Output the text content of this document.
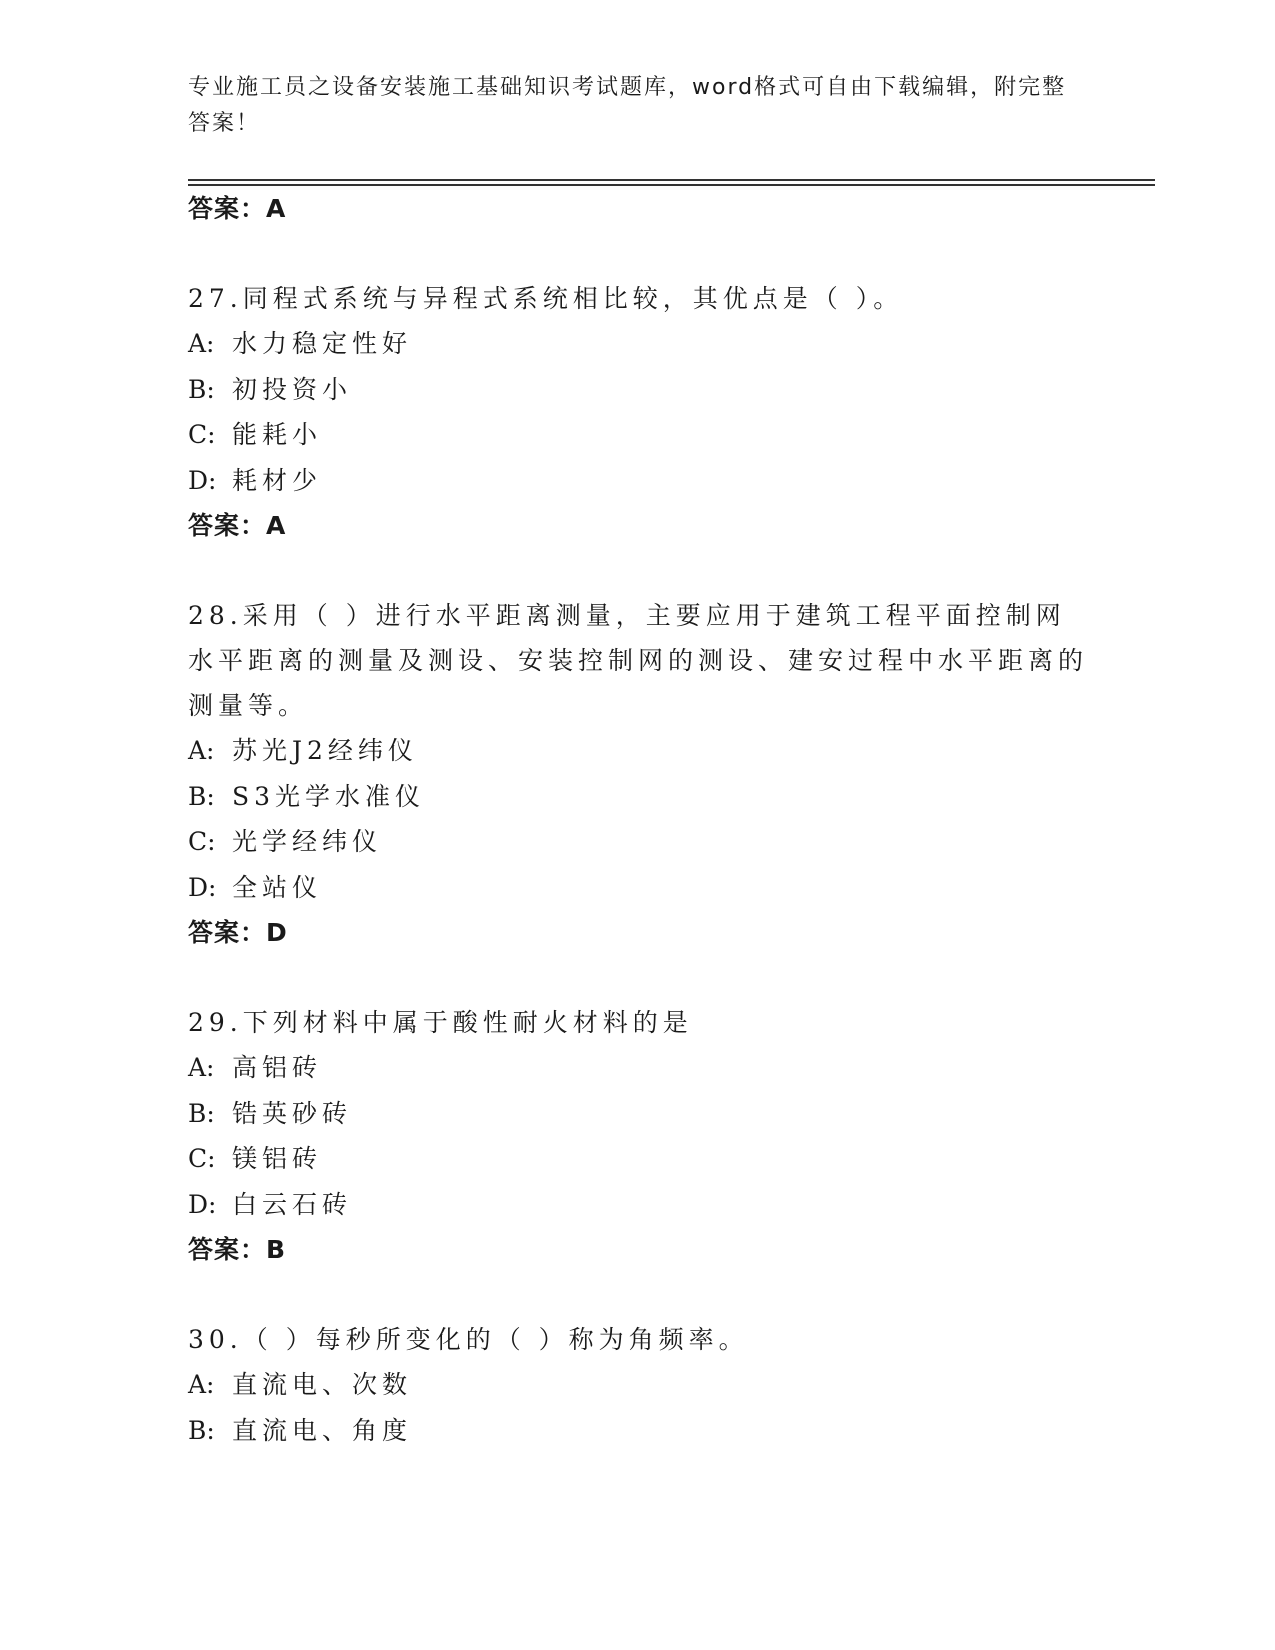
专业施工员之设备安装施工基础知识考试题库，word格式可自由下载编辑，附完整答案！

答案：A

27.同程式系统与异程式系统相比较，其优点是（ ）。

A: 水力稳定性好

B: 初投资小

C: 能耗小

D: 耗材少

答案：A

28.采用（ ）进行水平距离测量，主要应用于建筑工程平面控制网水平距离的测量及测设、安装控制网的测设、建安过程中水平距离的测量等。

A: 苏光J2经纬仪

B: S3光学水准仪

C: 光学经纬仪

D: 全站仪

答案：D

29.下列材料中属于酸性耐火材料的是

A: 高铝砖

B: 锆英砂砖

C: 镁铝砖

D: 白云石砖

答案：B

30.（ ）每秒所变化的（ ）称为角频率。

A: 直流电、次数

B: 直流电、角度
